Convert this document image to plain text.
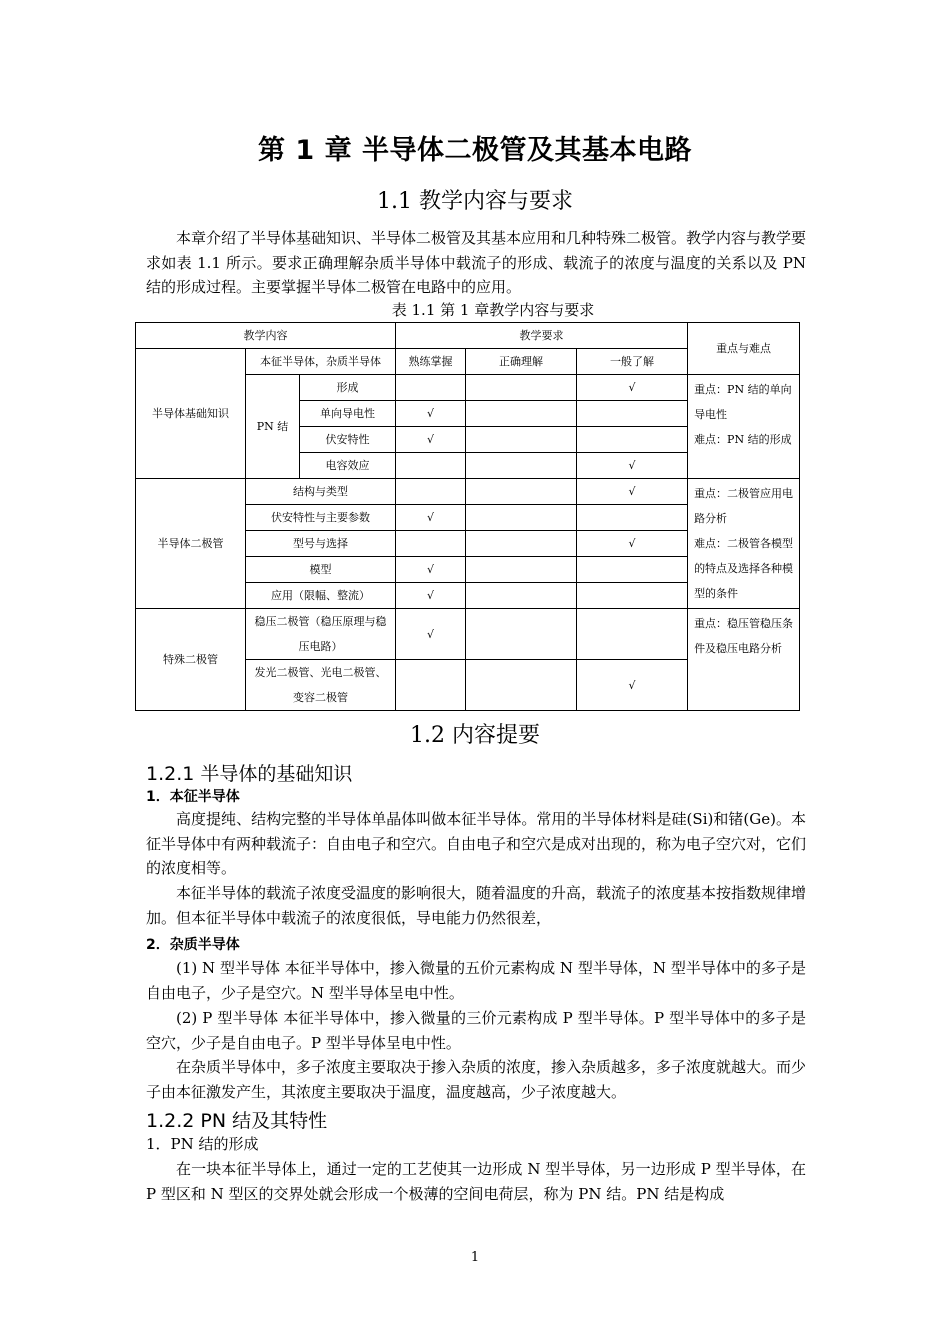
第 1 章 半导体二极管及其基本电路
1.1 教学内容与要求

本章介绍了半导体基础知识、半导体二极管及其基本应用和几种特殊二极管。教学内容与教学要求如表 1.1 所示。要求正确理解杂质半导体中载流子的形成、载流子的浓度与温度的关系以及 PN 结的形成过程。主要掌握半导体二极管在电路中的应用。

表 1.1 第 1 章教学内容与要求
教学内容			教学要求			重点与难点
半导体基础知识	本征半导体，杂质半导体		熟练掌握	正确理解	一般了解	
	PN 结	形成			√	重点：PN 结的单向导电性
难点：PN 结的形成

		单向导电性	√			
		伏安特性	√			
		电容效应			√	
半导体二极管	结构与类型				√	重点：二极管应用电路分析
难点：二极管各模型的特点及选择各种模型的条件

	伏安特性与主要参数		√			
	型号与选择				√	
	模型		√			
	应用（限幅、整流）		√			
特殊二极管	稳压二极管（稳压原理与稳压电路）		√			重点：稳压管稳压条件及稳压电路分析

	发光二极管、光电二极管、变容二极管				√	
1.2 内容提要
1.2.1 半导体的基础知识
1．本征半导体

高度提纯、结构完整的半导体单晶体叫做本征半导体。常用的半导体材料是硅(Si)和锗(Ge)。本征半导体中有两种载流子：自由电子和空穴。自由电子和空穴是成对出现的，称为电子空穴对，它们的浓度相等。

本征半导体的载流子浓度受温度的影响很大，随着温度的升高，载流子的浓度基本按指数规律增加。但本征半导体中载流子的浓度很低，导电能力仍然很差，

2．杂质半导体

(1) N 型半导体 本征半导体中，掺入微量的五价元素构成 N 型半导体，N 型半导体中的多子是自由电子，少子是空穴。N 型半导体呈电中性。

(2) P 型半导体 本征半导体中，掺入微量的三价元素构成 P 型半导体。P 型半导体中的多子是空穴，少子是自由电子。P 型半导体呈电中性。

在杂质半导体中，多子浓度主要取决于掺入杂质的浓度，掺入杂质越多，多子浓度就越大。而少子由本征激发产生，其浓度主要取决于温度，温度越高，少子浓度越大。

1.2.2 PN 结及其特性
1．PN 结的形成

在一块本征半导体上，通过一定的工艺使其一边形成 N 型半导体，另一边形成 P 型半导体，在 P 型区和 N 型区的交界处就会形成一个极薄的空间电荷层，称为 PN 结。PN 结是构成

1
